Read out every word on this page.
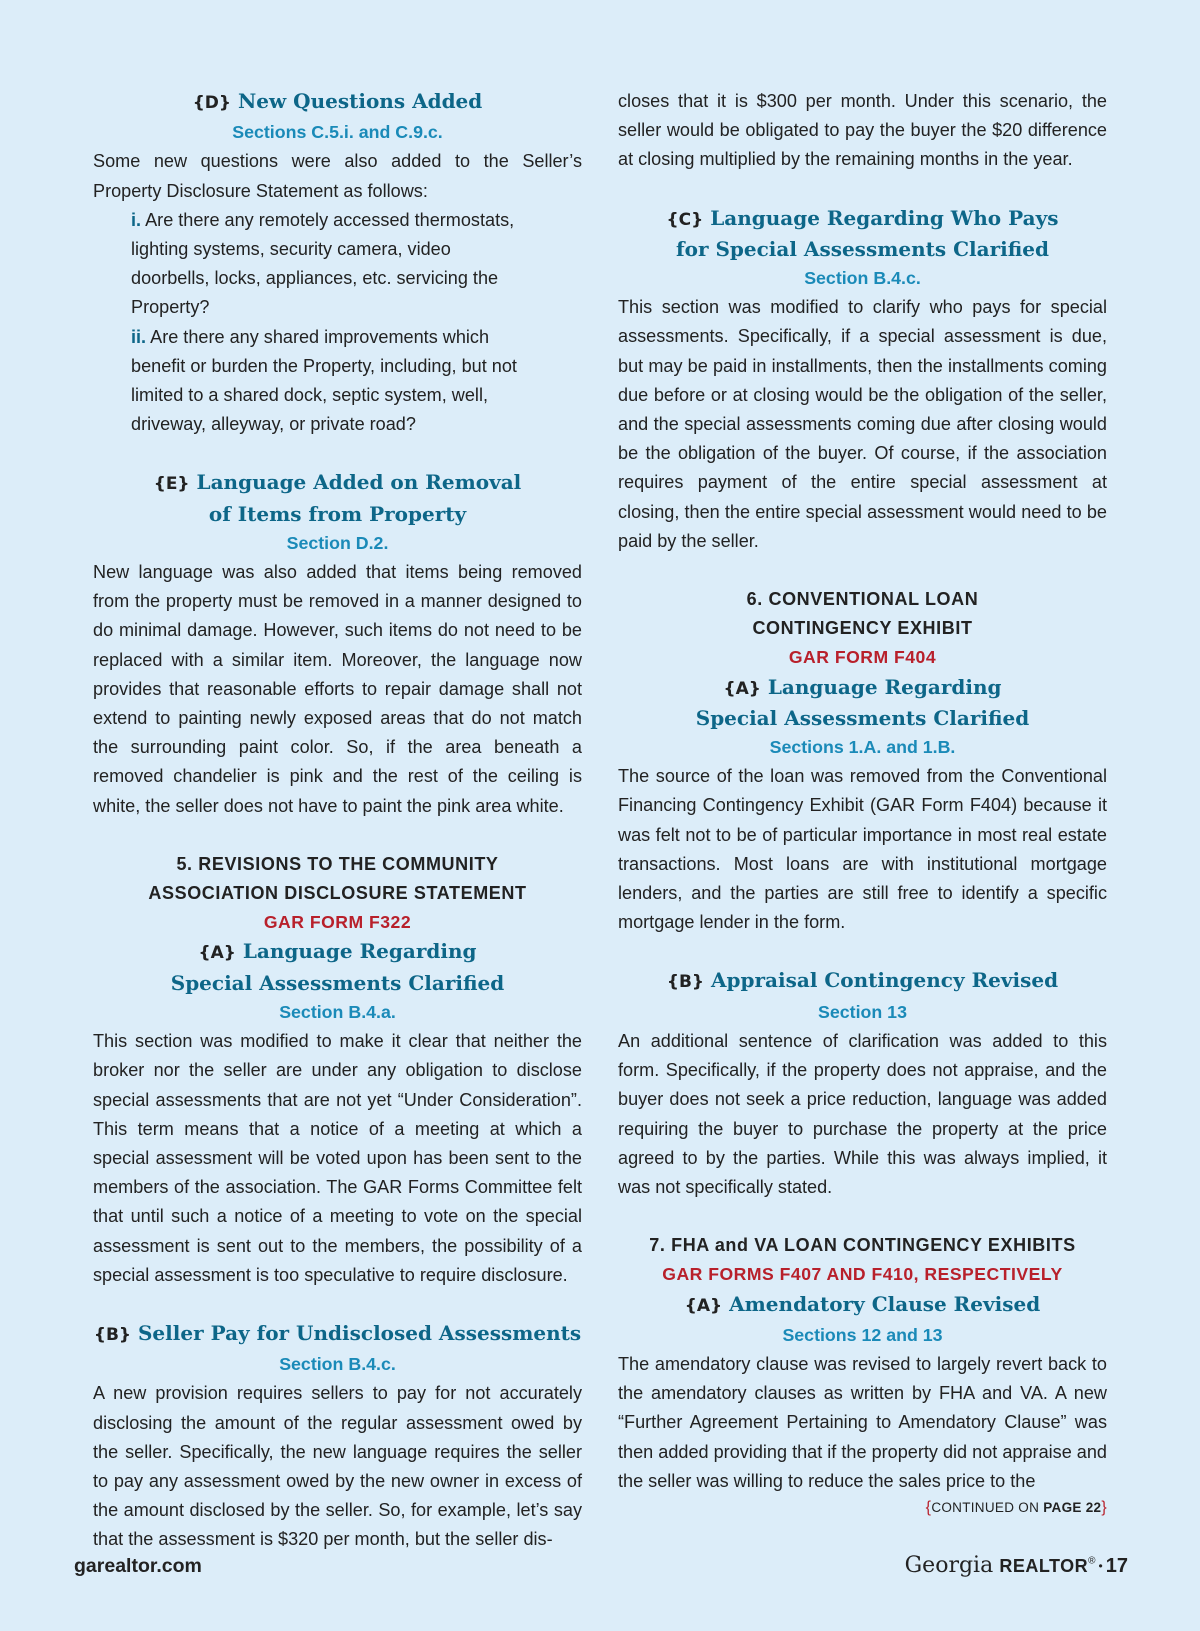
{D} New Questions Added
Sections C.5.i. and C.9.c.

Some new questions were also added to the Seller’s Property Disclosure Statement as follows:

i. Are there any remotely accessed thermostats, lighting systems, security camera, video doorbells, locks, appliances, etc. servicing the Property?
ii. Are there any shared improvements which benefit or burden the Property, including, but not limited to a shared dock, septic system, well, driveway, alleyway, or private road?
{E} Language Added on Removal
of Items from Property
Section D.2.

New language was also added that items being removed from the property must be removed in a manner designed to do minimal damage. However, such items do not need to be replaced with a similar item. Moreover, the language now provides that reasonable efforts to repair damage shall not extend to painting newly exposed areas that do not match the surrounding paint color. So, if the area beneath a removed chandelier is pink and the rest of the ceiling is white, the seller does not have to paint the pink area white.

5. REVISIONS TO THE COMMUNITY
ASSOCIATION DISCLOSURE STATEMENT
GAR FORM F322
{A} Language Regarding
Special Assessments Clarified
Section B.4.a.

This section was modified to make it clear that neither the broker nor the seller are under any obligation to disclose special assessments that are not yet “Under Consideration”. This term means that a notice of a meeting at which a special assessment will be voted upon has been sent to the members of the association. The GAR Forms Committee felt that until such a notice of a meeting to vote on the special assessment is sent out to the members, the possibility of a special assessment is too speculative to require disclosure.

{B} Seller Pay for Undisclosed Assessments
Section B.4.c.

A new provision requires sellers to pay for not accurately disclosing the amount of the regular assessment owed by the seller. Specifically, the new language requires the seller to pay any assessment owed by the new owner in excess of the amount disclosed by the seller. So, for example, let’s say that the assessment is $320 per month, but the seller dis-

closes that it is $300 per month. Under this scenario, the seller would be obligated to pay the buyer the $20 difference at closing multiplied by the remaining months in the year.

{C} Language Regarding Who Pays
for Special Assessments Clarified
Section B.4.c.

This section was modified to clarify who pays for special assessments. Specifically, if a special assessment is due, but may be paid in installments, then the installments coming due before or at closing would be the obligation of the seller, and the special assessments coming due after closing would be the obligation of the buyer. Of course, if the association requires payment of the entire special assessment at closing, then the entire special assessment would need to be paid by the seller.

6. CONVENTIONAL LOAN
CONTINGENCY EXHIBIT
GAR FORM F404
{A} Language Regarding
Special Assessments Clarified
Sections 1.A. and 1.B.

The source of the loan was removed from the Conventional Financing Contingency Exhibit (GAR Form F404) because it was felt not to be of particular importance in most real estate transactions. Most loans are with institutional mortgage lenders, and the parties are still free to identify a specific mortgage lender in the form.

{B} Appraisal Contingency Revised
Section 13

An additional sentence of clarification was added to this form. Specifically, if the property does not appraise, and the buyer does not seek a price reduction, language was added requiring the buyer to purchase the property at the price agreed to by the parties. While this was always implied, it was not specifically stated.

7. FHA and VA LOAN CONTINGENCY EXHIBITS
GAR FORMS F407 AND F410, RESPECTIVELY
{A} Amendatory Clause Revised
Sections 12 and 13

The amendatory clause was revised to largely revert back to the amendatory clauses as written by FHA and VA. A new “Further Agreement Pertaining to Amendatory Clause” was then added providing that if the property did not appraise and the seller was willing to reduce the sales price to the

{CONTINUED ON PAGE 22}
garealtor.com	Georgia REALTOR® • 17
